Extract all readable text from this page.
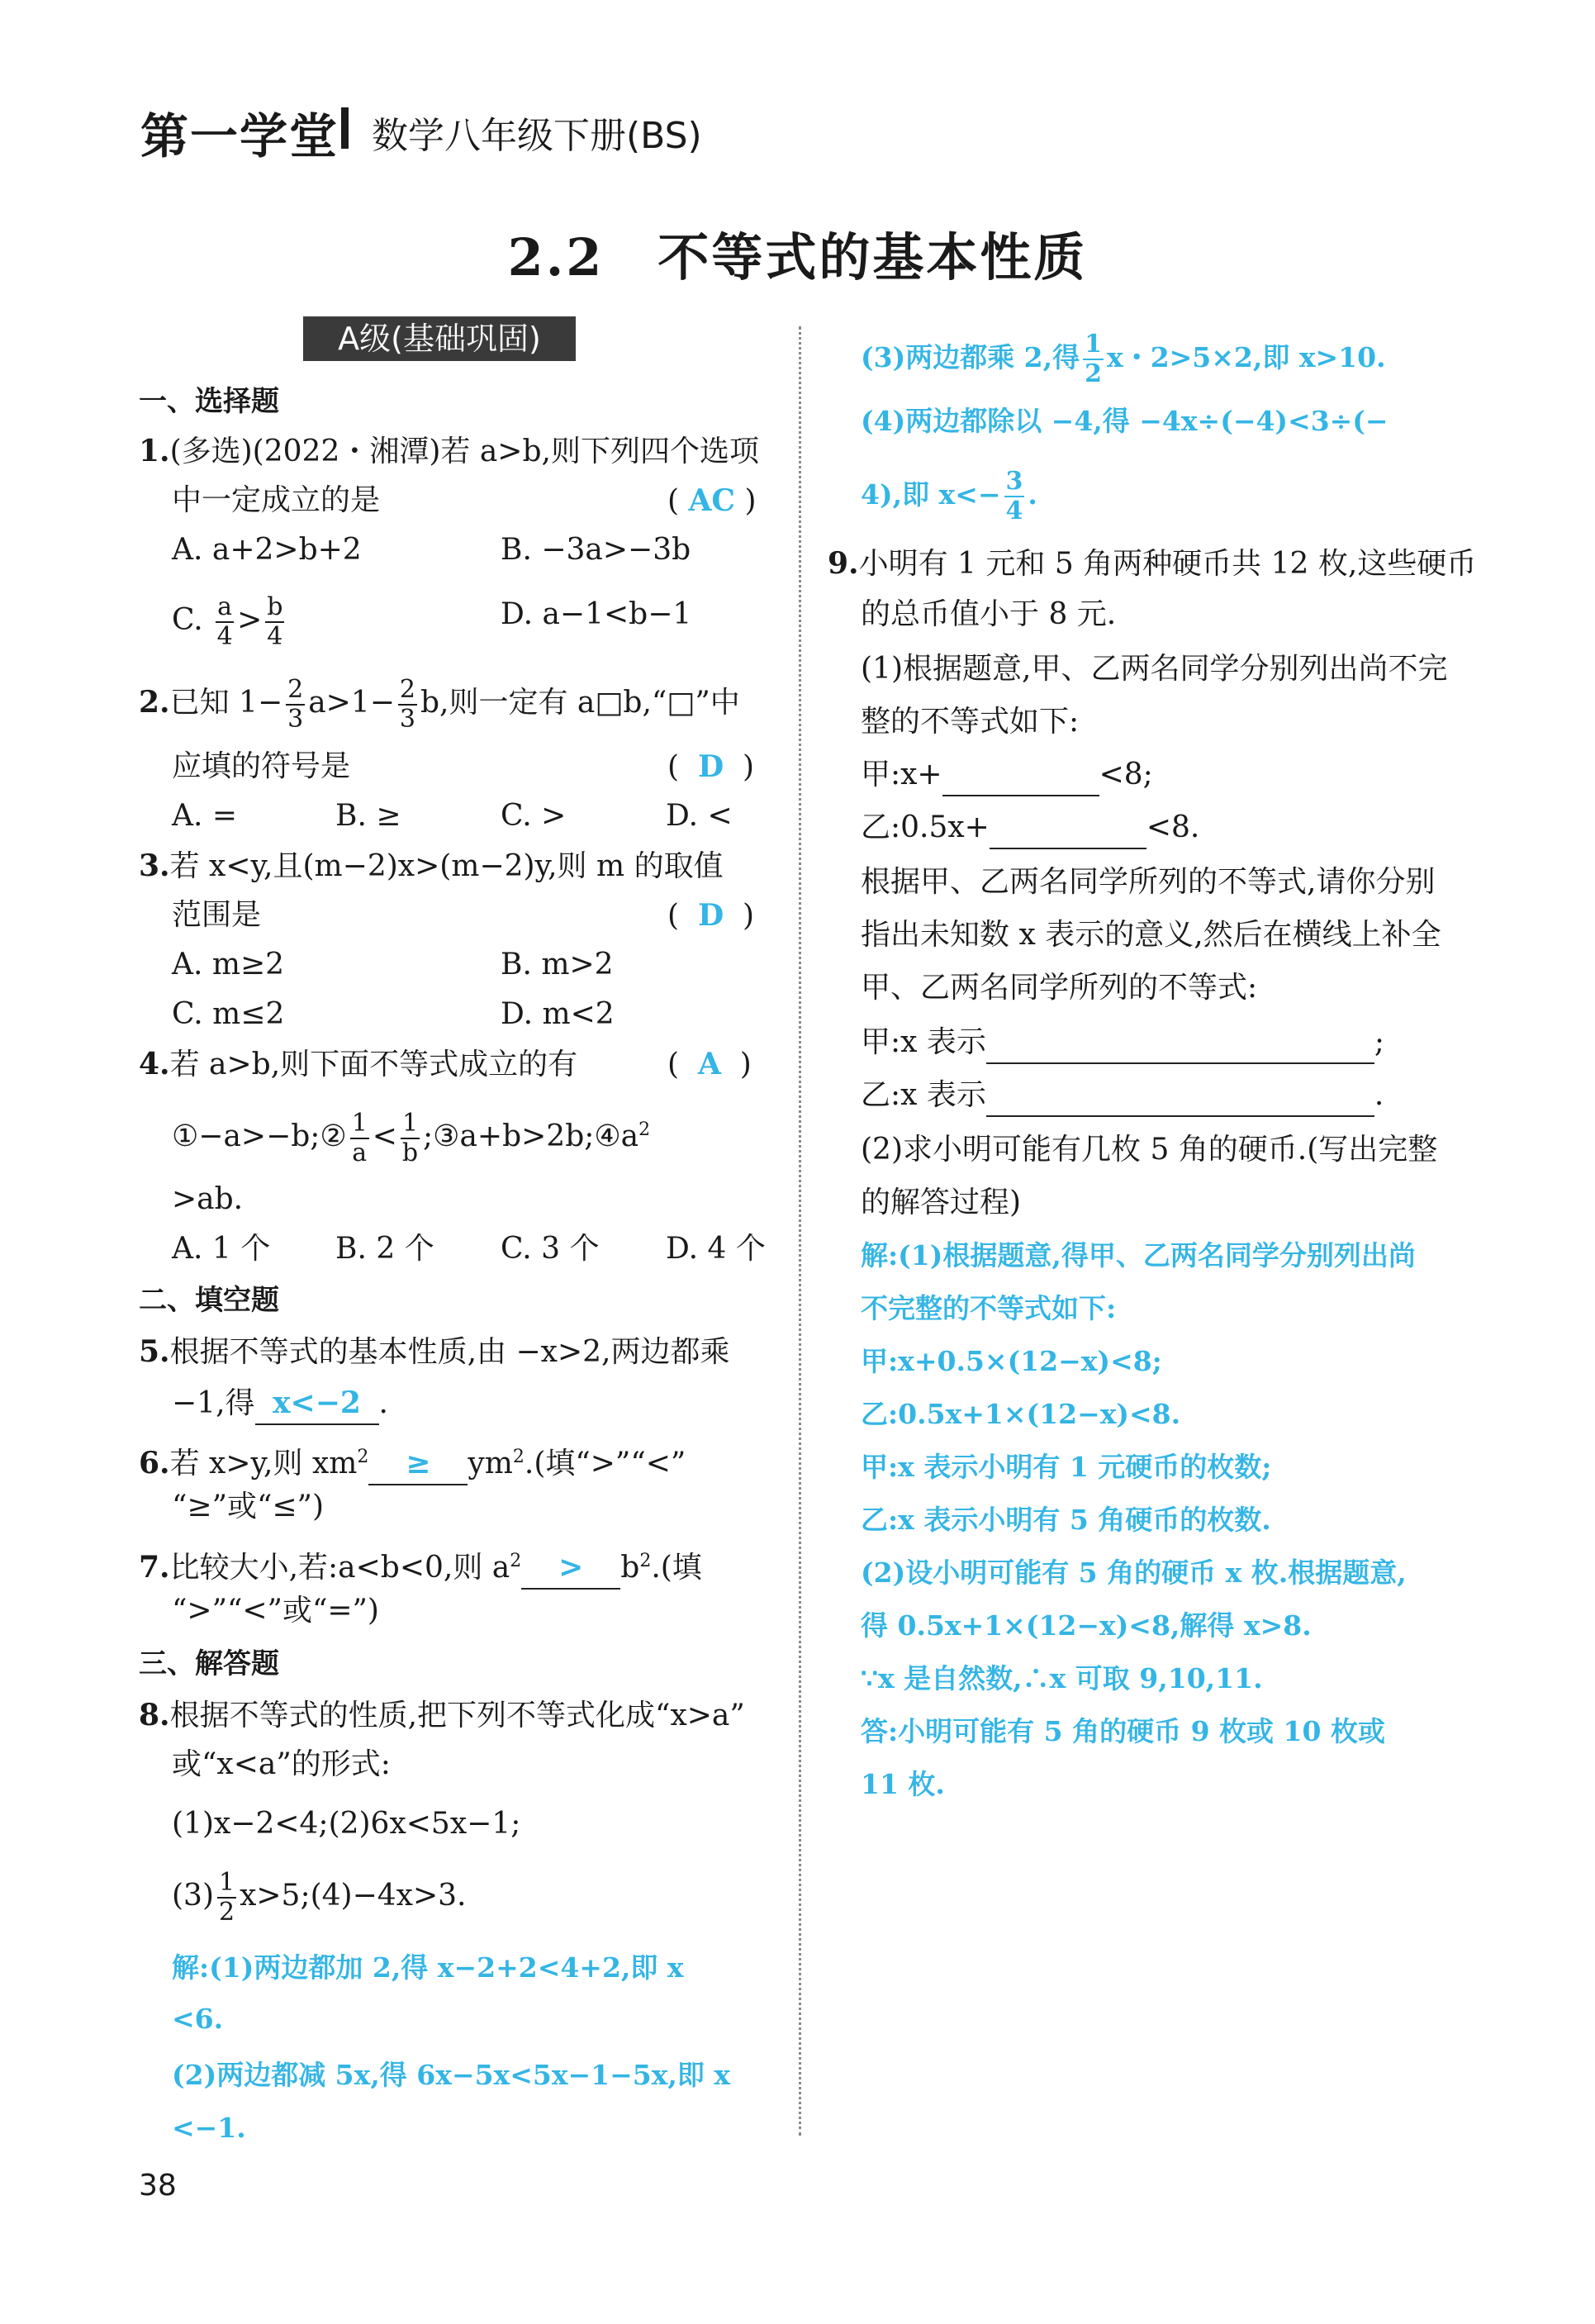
第一学堂 数学八年级下册(BS)
2.2　不等式的基本性质
A级(基础巩固)
一、选择题
1.(多选)(2022・湘潭)若 a>b,则下列四个选项
中一定成立的是	( AC )
A. a+2>b+2	B. −3a>−3b
C. $\frac{a}{4} > \frac{b}{4}$	D. a−1<b−1
2.已知 $1- \frac{2}{3} a>1- \frac{2}{3} b$,则一定有 a□b,“□”中
应填的符号是	(  D  )
A. =	B. ≥	C. >	D. <
3.若 x<y,且(m−2)x>(m−2)y,则 m 的取值
范围是	(  D  )
A. m≥2	B. m>2
C. m≤2	D. m<2
4.若 a>b,则下面不等式成立的有	(  A  )
①−a>−b;② $\frac{1}{a} < \frac{1}{b}$ $;③a+b>2b;④a^2$
>ab.
A. 1 个 B. 2 个 C. 3 个 D. 4 个
二、填空题
5.根据不等式的基本性质,由 −x>2,两边都乘
−1,得 x<−2 .
6.若 x>y,则 $xm^2 \ge ym^2$.(填“>”“<”
“≥”或“≤”)
7.比较大小,若:a<b<0,则 $a^2 > b^2$.(填
“>”“<”或“=”)
三、解答题
8.根据不等式的性质,把下列不等式化成“x>a”
或“x<a”的形式:
(1)x−2<4;(2)6x<5x−1;
$(3) \frac{1}{2}$ x>5;(4)−4x>3.
解:(1)两边都加 2,得 x−2+2<4+2,即 x
<6.
(2)两边都减 5x,得 6x−5x<5x−1−5x,即 x
<−1.
38
(3)两边都乘 2,得 $\frac{1}{2}$ x・2>5×2,即 x>10.
(4)两边都除以 −4,得 −4x÷(−4)<3÷(−
4),即 $x<- \frac{3}{4}$ .
9.小明有 1 元和 5 角两种硬币共 12 枚,这些硬币
的总币值小于 8 元.
(1)根据题意,甲、乙两名同学分别列出尚不完
整的不等式如下:
甲:x+	<8;
乙:0.5x+	<8.
根据甲、乙两名同学所列的不等式,请你分别
指出未知数 x 表示的意义,然后在横线上补全
甲、乙两名同学所列的不等式:
甲:x 表示	;
乙:x 表示	.
(2)求小明可能有几枚 5 角的硬币.(写出完整
的解答过程)
解:(1)根据题意,得甲、乙两名同学分别列出尚
不完整的不等式如下:
甲:x+0.5×(12−x)<8;
乙:0.5x+1×(12−x)<8.
甲:x 表示小明有 1 元硬币的枚数;
乙:x 表示小明有 5 角硬币的枚数.
(2)设小明可能有 5 角的硬币 x 枚.根据题意,
得 0.5x+1×(12−x)<8,解得 x>8.
∵x 是自然数,∴x 可取 9,10,11.
答:小明可能有 5 角的硬币 9 枚或 10 枚或
11 枚.
